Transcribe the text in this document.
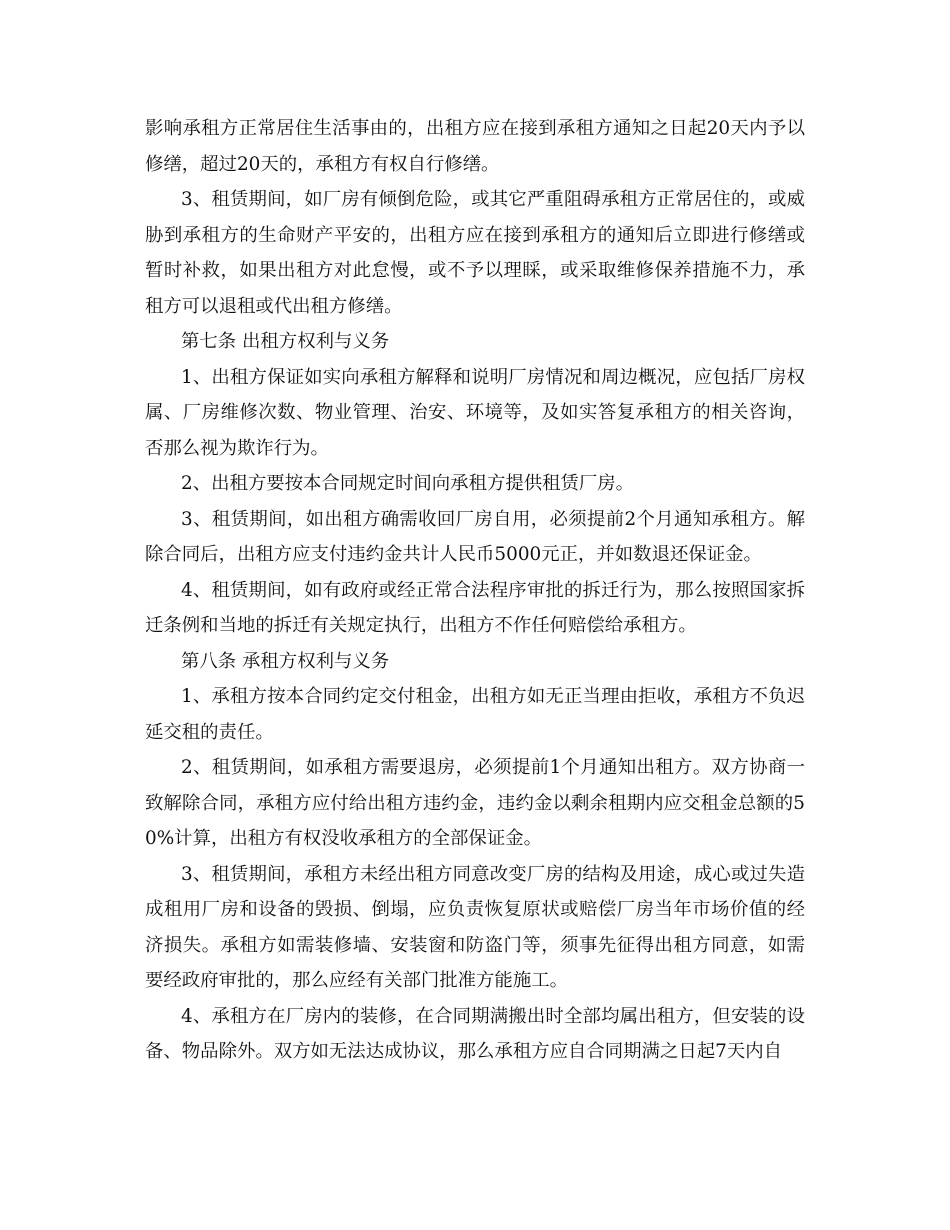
影响承租方正常居住生活事由的，出租方应在接到承租方通知之日起20天内予以修缮，超过20天的，承租方有权自行修缮。

3、租赁期间，如厂房有倾倒危险，或其它严重阻碍承租方正常居住的，或威胁到承租方的生命财产平安的，出租方应在接到承租方的通知后立即进行修缮或暂时补救，如果出租方对此怠慢，或不予以理睬，或采取维修保养措施不力，承租方可以退租或代出租方修缮。

第七条 出租方权利与义务

1、出租方保证如实向承租方解释和说明厂房情况和周边概况，应包括厂房权属、厂房维修次数、物业管理、治安、环境等，及如实答复承租方的相关咨询，否那么视为欺诈行为。

2、出租方要按本合同规定时间向承租方提供租赁厂房。

3、租赁期间，如出租方确需收回厂房自用，必须提前2个月通知承租方。解除合同后，出租方应支付违约金共计人民币5000元正，并如数退还保证金。

4、租赁期间，如有政府或经正常合法程序审批的拆迁行为，那么按照国家拆迁条例和当地的拆迁有关规定执行，出租方不作任何赔偿给承租方。

第八条 承租方权利与义务

1、承租方按本合同约定交付租金，出租方如无正当理由拒收，承租方不负迟延交租的责任。

2、租赁期间，如承租方需要退房，必须提前1个月通知出租方。双方协商一致解除合同，承租方应付给出租方违约金，违约金以剩余租期内应交租金总额的50%计算，出租方有权没收承租方的全部保证金。

3、租赁期间，承租方未经出租方同意改变厂房的结构及用途，成心或过失造成租用厂房和设备的毁损、倒塌，应负责恢复原状或赔偿厂房当年市场价值的经济损失。承租方如需装修墙、安装窗和防盗门等，须事先征得出租方同意，如需要经政府审批的，那么应经有关部门批准方能施工。

4、承租方在厂房内的装修，在合同期满搬出时全部均属出租方，但安装的设备、物品除外。双方如无法达成协议，那么承租方应自合同期满之日起7天内自
